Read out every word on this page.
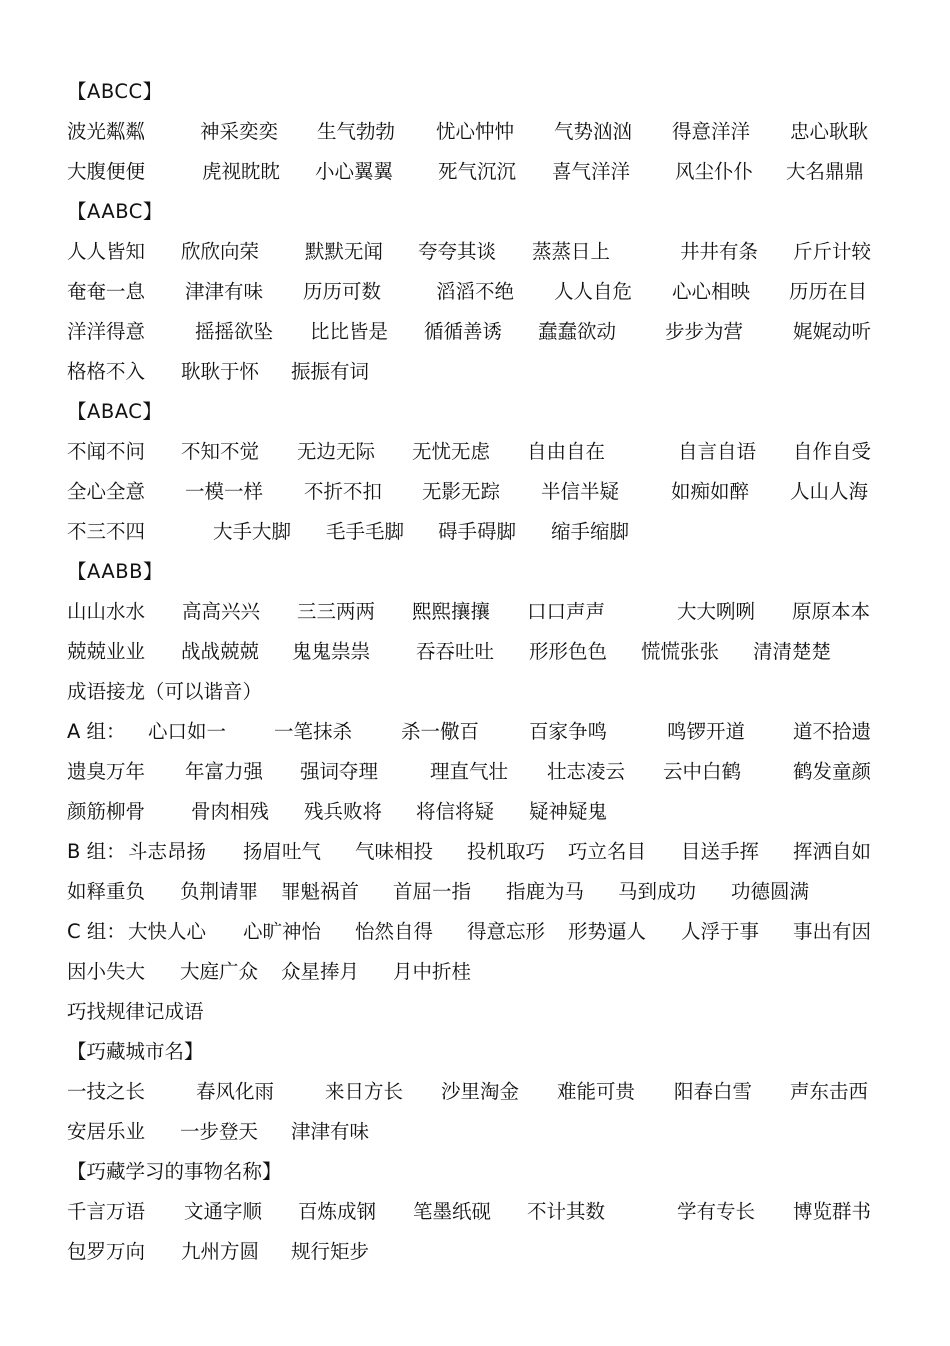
【ABCC】
波光粼粼	神采奕奕 生气勃勃 忧心忡忡 气势汹汹 得意洋洋 忠心耿耿
大腹便便	虎视眈眈 小心翼翼 死气沉沉 喜气洋洋 风尘仆仆 大名鼎鼎
【AABC】
人人皆知 欣欣向荣 默默无闻 夸夸其谈 蒸蒸日上	井井有条 斤斤计较
奄奄一息 津津有味 历历可数	滔滔不绝 人人自危 心心相映 历历在目
洋洋得意	摇摇欲坠 比比皆是 循循善诱 蠢蠢欲动	步步为营	娓娓动听
格格不入 耿耿于怀 振振有词
【ABAC】
不闻不问 不知不觉 无边无际 无忧无虑 自由自在	自言自语 自作自受
全心全意 一模一样 不折不扣 无影无踪 半信半疑	如痴如醉 人山人海
不三不四	大手大脚 毛手毛脚 碍手碍脚 缩手缩脚
【AABB】
山山水水 高高兴兴 三三两两 熙熙攘攘 口口声声	大大咧咧 原原本本
兢兢业业 战战兢兢 鬼鬼祟祟 吞吞吐吐 形形色色 慌慌张张 清清楚楚
成语接龙（可以谐音）
A 组： 心口如一 一笔抹杀	杀一儆百	百家争鸣	鸣锣开道 道不拾遗
遗臭万年 年富力强 强词夺理	理直气壮 壮志凌云 云中白鹤	鹤发童颜
颜筋柳骨 骨肉相残 残兵败将 将信将疑 疑神疑鬼
B 组： 斗志昂扬 扬眉吐气 气味相投 投机取巧 巧立名目 目送手挥 挥洒自如
如释重负 负荆请罪 罪魁祸首 首屈一指 指鹿为马 马到成功 功德圆满
C 组： 大快人心 心旷神怡 怡然自得 得意忘形 形势逼人 人浮于事 事出有因
因小失大 大庭广众 众星捧月 月中折桂
巧找规律记成语
【巧藏城市名】
一技之长	春风化雨	来日方长 沙里淘金 难能可贵 阳春白雪 声东击西
安居乐业 一步登天 津津有味
【巧藏学习的事物名称】
千言万语 文通字顺 百炼成钢 笔墨纸砚 不计其数	学有专长 博览群书
包罗万向 九州方圆 规行矩步
